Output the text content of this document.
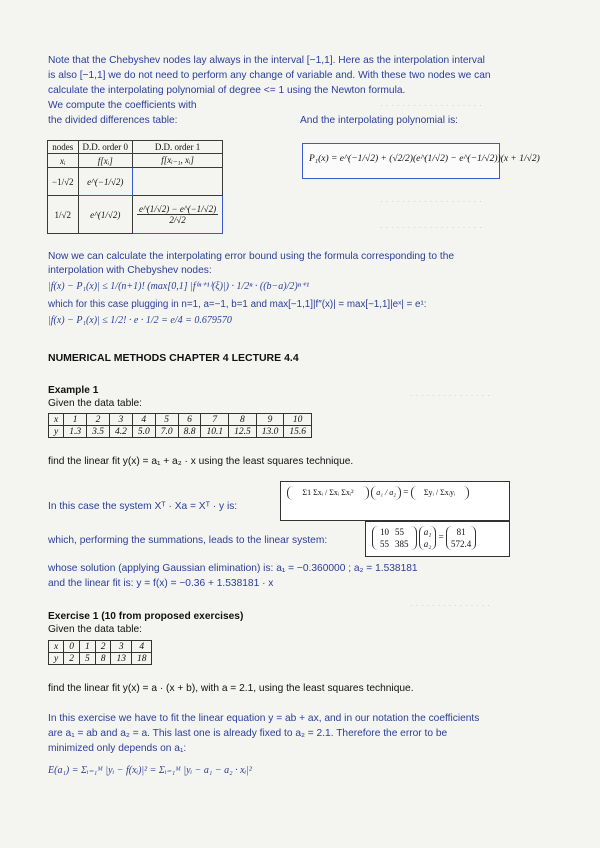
· · · · · · · · · · · · · · · · · · ·
· · · · · · · · · · · · · · · · · · ·
· · · · · · · · · · · · · · · · · · ·
· · · · · · · · · · · · · · ·
· · · · · · · · · · · · · · ·
Note that the Chebyshev nodes lay always in the interval [−1,1]. Here as the interpolation interval
is also [−1,1] we do not need to perform any change of variable and. With these two nodes we can
calculate the interpolating polynomial of degree <= 1 using the Newton formula.
We compute the coefficients with
the divided differences table:	And the interpolating polynomial is:
nodes	D.D. order 0	D.D. order 1
xᵢ	f[xᵢ]	f[xᵢ₋₁, xᵢ]
−1/√2	e^(−1/√2)	
1/√2	e^(1/√2)	e^(1/√2) − e^(−1/√2)
2/√2
P₁(x) = e^(−1/√2) + (√2/2)(e^(1/√2) − e^(−1/√2))(x + 1/√2)
Now we can calculate the interpolating error bound using the formula corresponding to the
interpolation with Chebyshev nodes:
|f(x) − P₁(x)| ≤ 1/(n+1)! (max[0,1] |f⁽ⁿ⁺¹⁾(ξ)|) · 1/2ⁿ · ((b−a)/2)ⁿ⁺¹
which for this case plugging in n=1, a=−1, b=1 and max[−1,1]|f″(x)| = max[−1,1]|eˣ| = e¹:
|f(x) − P₁(x)| ≤ 1/2! · e · 1/2 = e/4 = 0.679570
NUMERICAL METHODS CHAPTER 4 LECTURE 4.4
Example 1
Given the data table:
x	1	2	3	4	5	6	7	8	9	10
y	1.3	3.5	4.2	5.0	7.0	8.8	10.1	12.5	13.0	15.6
find the linear fit y(x) = a₁ + a₂ · x using the least squares technique.
In this case the system Xᵀ · Xa = Xᵀ · y is:
Σ1 Σxᵢ / Σxᵢ Σxᵢ²	a₁ / a₂ = Σyᵢ / Σxᵢyᵢ
which, performing the summations, leads to the linear system:
10	55
55	385

a₁
a₂
=
81
572.4
whose solution (applying Gaussian elimination) is: a₁ = −0.360000 ; a₂ = 1.538181
and the linear fit is: y = f(x) = −0.36 + 1.538181 · x
Exercise 1 (10 from proposed exercises)
Given the data table:
x	0	1	2	3	4
y	2	5	8	13	18
find the linear fit y(x) = a · (x + b), with a = 2.1, using the least squares technique.
In this exercise we have to fit the linear equation y = ab + ax, and in our notation the coefficients
are a₁ = ab and a₂ = a. This last one is already fixed to a₂ = 2.1. Therefore the error to be
minimized only depends on a₁:
E(a₁) = Σᵢ₌₁ᴹ |yᵢ − f(xᵢ)|² = Σᵢ₌₁ᴹ |yᵢ − a₁ − a₂ · xᵢ|²
